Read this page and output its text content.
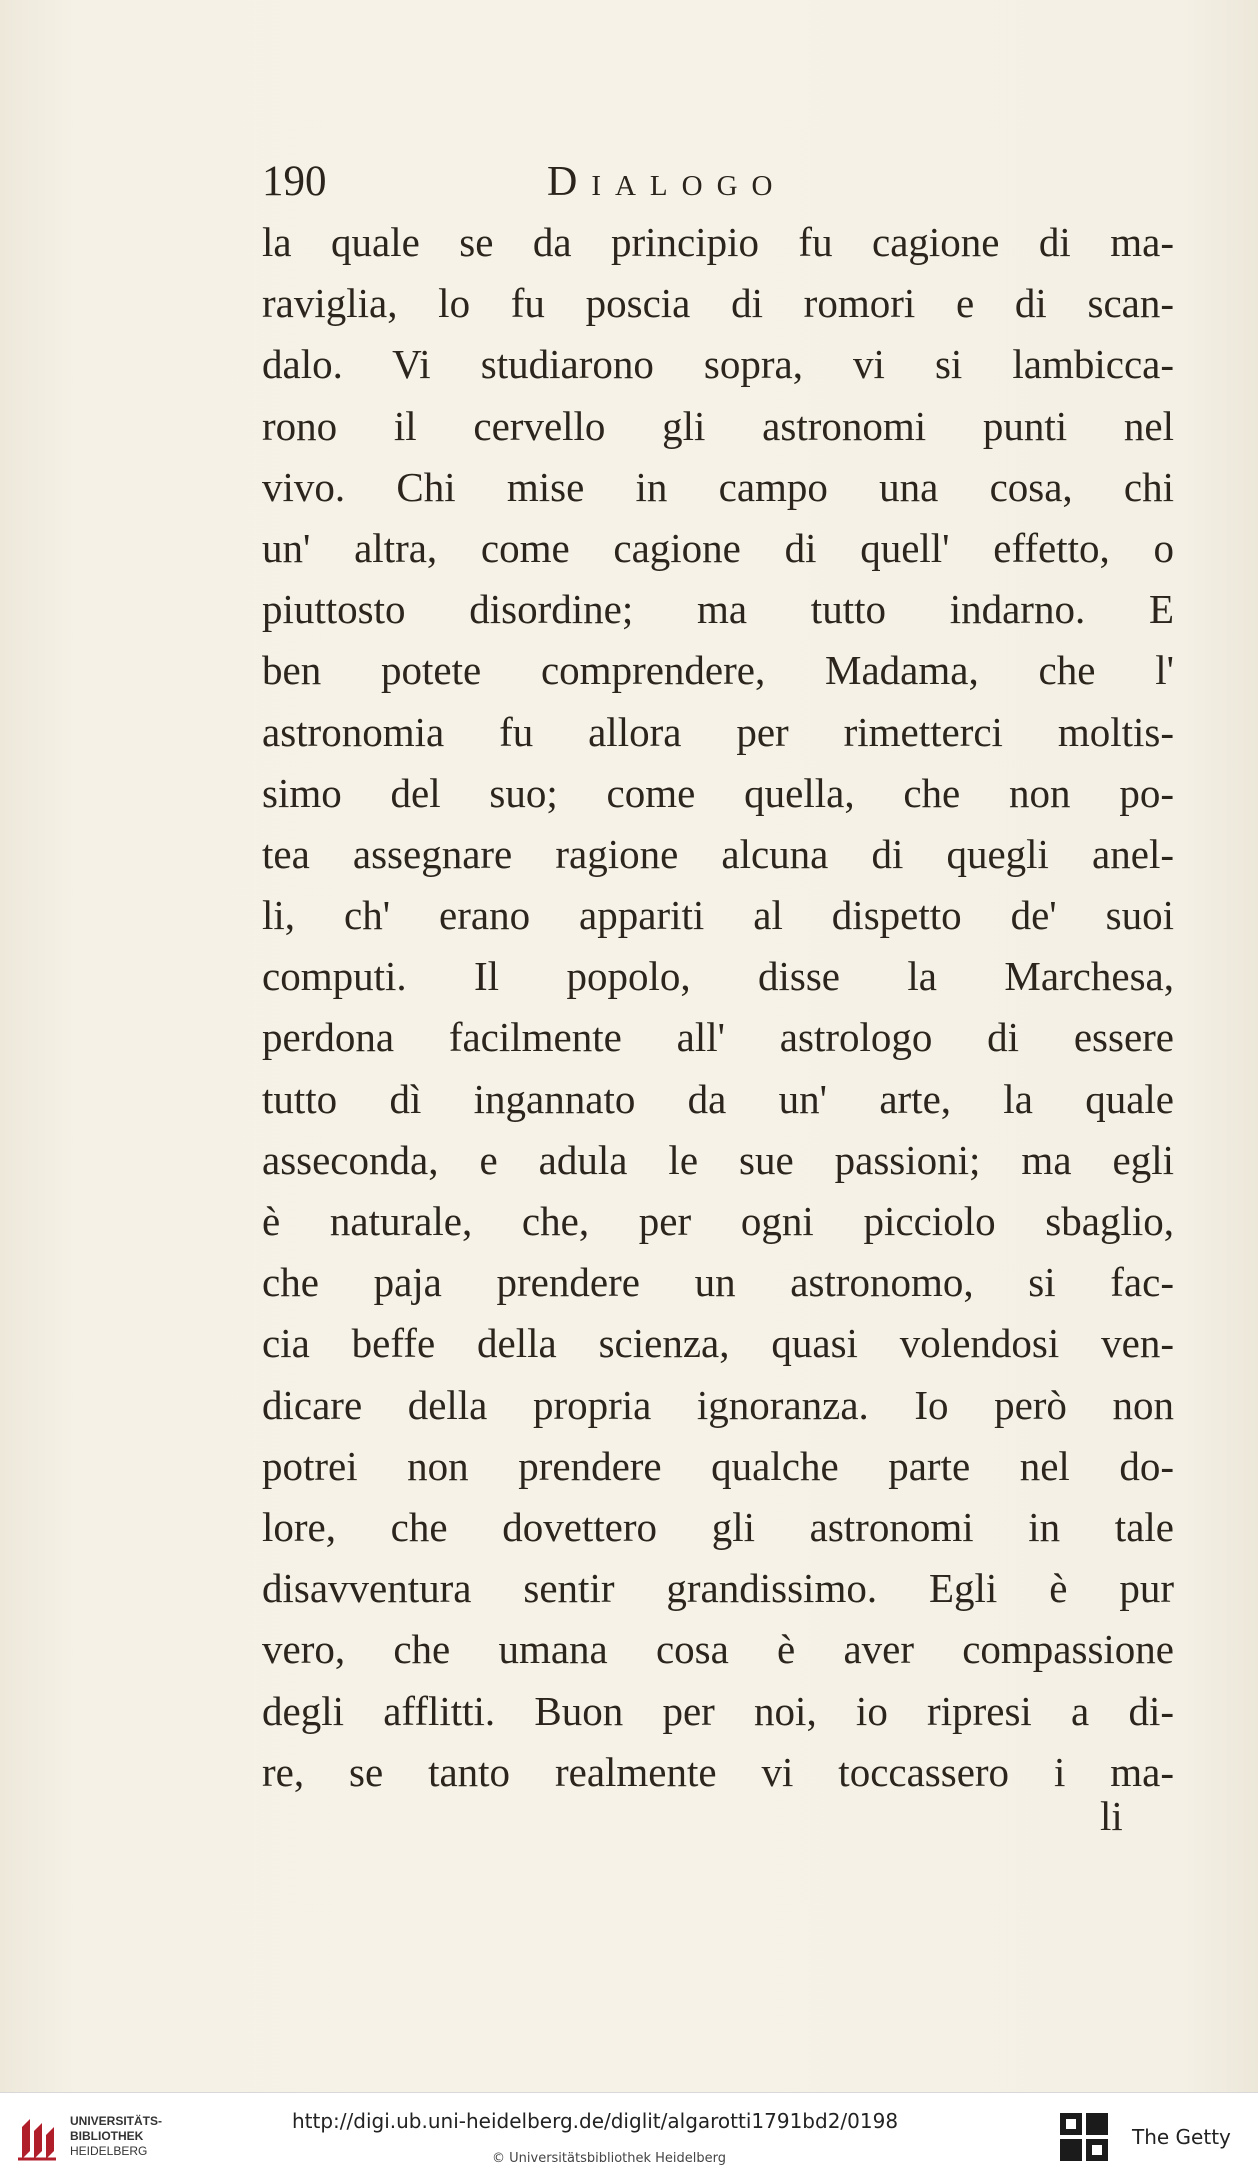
190	Dialogo
la quale se da principio fu cagione di ma-
raviglia, lo fu poscia di romori e di scan-
dalo. Vi studiarono sopra, vi si lambicca-
rono il cervello gli astronomi punti nel
vivo. Chi mise in campo una cosa, chi
un' altra, come cagione di quell' effetto, o
piuttosto disordine; ma tutto indarno. E
ben potete comprendere, Madama, che l'
astronomia fu allora per rimetterci moltis-
simo del suo; come quella, che non po-
tea assegnare ragione alcuna di quegli anel-
li, ch' erano appariti al dispetto de' suoi
computi. Il popolo, disse la Marchesa,
perdona facilmente all' astrologo di essere
tutto dì ingannato da un' arte, la quale
asseconda, e adula le sue passioni; ma egli
è naturale, che, per ogni picciolo sbaglio,
che paja prendere un astronomo, si fac-
cia beffe della scienza, quasi volendosi ven-
dicare della propria ignoranza. Io però non
potrei non prendere qualche parte nel do-
lore, che dovettero gli astronomi in tale
disavventura sentir grandissimo. Egli è pur
vero, che umana cosa è aver compassione
degli afflitti. Buon per noi, io ripresi a di-
re, se tanto realmente vi toccassero i ma-
li
UNIVERSITÄTS-
BIBLIOTHEK
HEIDELBERG
http://digi.ub.uni-heidelberg.de/diglit/algarotti1791bd2/0198
© Universitätsbibliothek Heidelberg
The Getty
